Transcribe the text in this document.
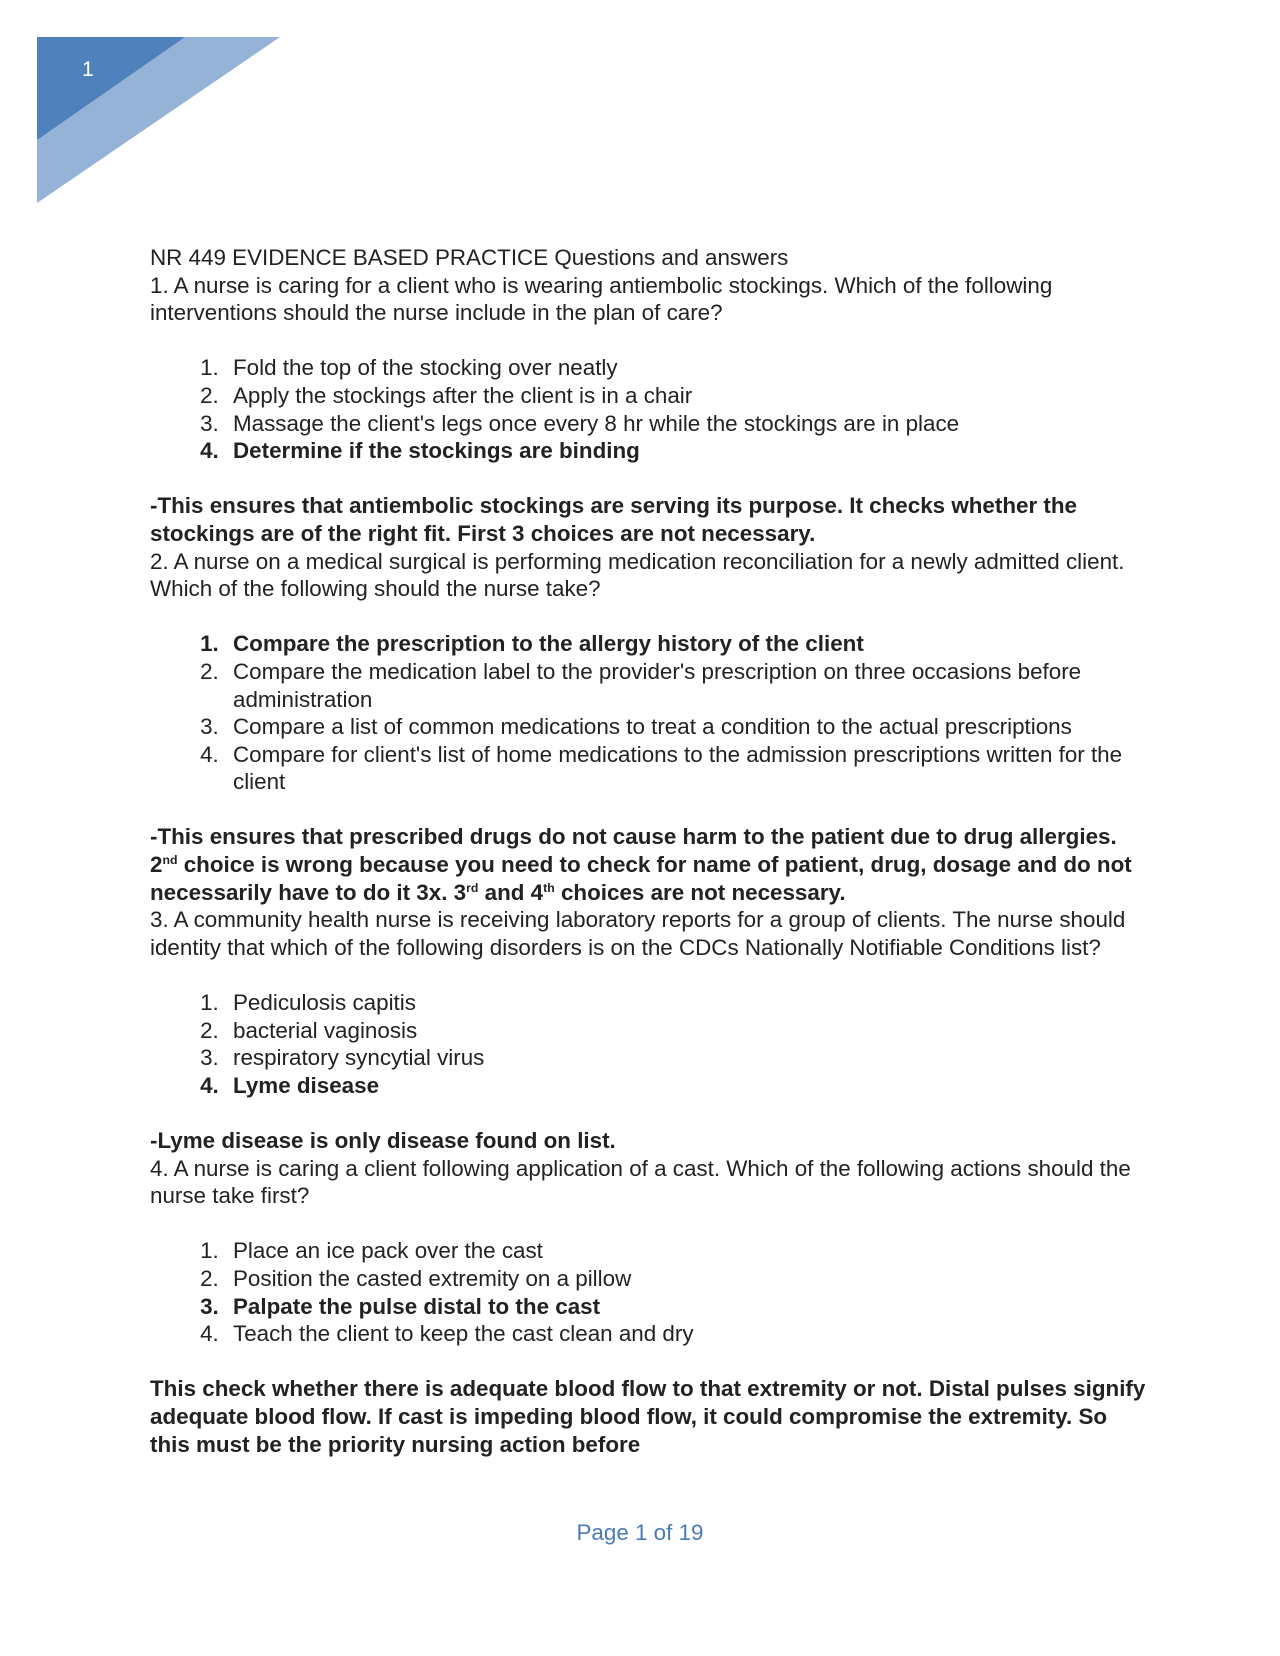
1

NR 449 EVIDENCE BASED PRACTICE Questions and answers

1. A nurse is caring for a client who is wearing antiembolic stockings. Which of the following interventions should the nurse include in the plan of care?

1. Fold the top of the stocking over neatly
2. Apply the stockings after the client is in a chair
3. Massage the client's legs once every 8 hr while the stockings are in place
4. Determine if the stockings are binding

-This ensures that antiembolic stockings are serving its purpose. It checks whether the stockings are of the right fit. First 3 choices are not necessary.

2. A nurse on a medical surgical is performing medication reconciliation for a newly admitted client. Which of the following should the nurse take?

1. Compare the prescription to the allergy history of the client
2. Compare the medication label to the provider's prescription on three occasions before administration
3. Compare a list of common medications to treat a condition to the actual prescriptions
4. Compare for client's list of home medications to the admission prescriptions written for the client

-This ensures that prescribed drugs do not cause harm to the patient due to drug allergies. 2nd choice is wrong because you need to check for name of patient, drug, dosage and do not necessarily have to do it 3x. 3rd and 4th choices are not necessary.

3. A community health nurse is receiving laboratory reports for a group of clients. The nurse should identity that which of the following disorders is on the CDCs Nationally Notifiable Conditions list?

1. Pediculosis capitis
2. bacterial vaginosis
3. respiratory syncytial virus
4. Lyme disease

-Lyme disease is only disease found on list.

4. A nurse is caring a client following application of a cast. Which of the following actions should the nurse take first?

1. Place an ice pack over the cast
2. Position the casted extremity on a pillow
3. Palpate the pulse distal to the cast
4. Teach the client to keep the cast clean and dry

This check whether there is adequate blood flow to that extremity or not. Distal pulses signify adequate blood flow. If cast is impeding blood flow, it could compromise the extremity. So this must be the priority nursing action before

Page 1 of 19
